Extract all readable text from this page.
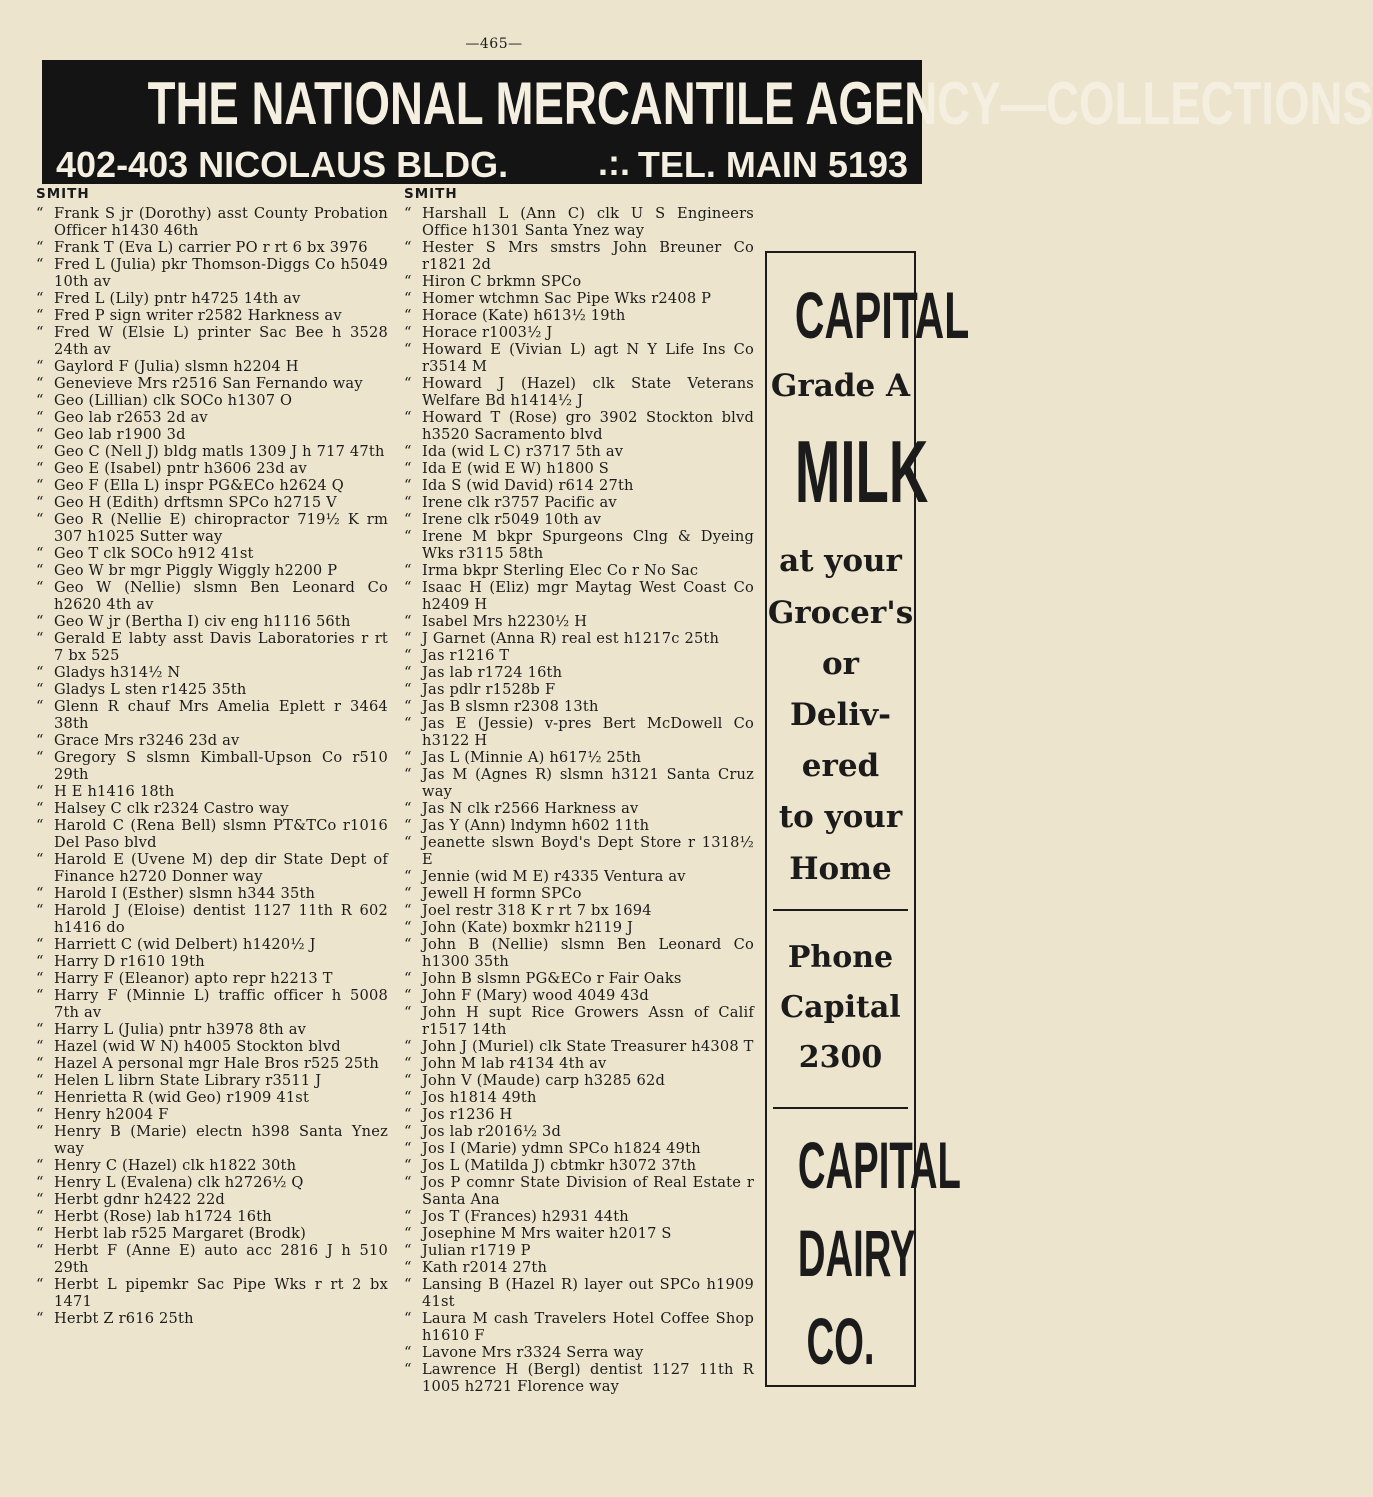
—465—
THE NATIONAL MERCANTILE AGENCY—COLLECTIONS
402-403 NICOLAUS BLDG. .:. TEL. MAIN 5193
SMITH
“ Frank S jr (Dorothy) asst County Probation Officer h1430 46th
“ Frank T (Eva L) carrier PO r rt 6 bx 3976
“ Fred L (Julia) pkr Thomson-Diggs Co h5049 10th av
“ Fred L (Lily) pntr h4725 14th av
“ Fred P sign writer r2582 Harkness av
“ Fred W (Elsie L) printer Sac Bee h 3528 24th av
“ Gaylord F (Julia) slsmn h2204 H
“ Genevieve Mrs r2516 San Fernando way
“ Geo (Lillian) clk SOCo h1307 O
“ Geo lab r2653 2d av
“ Geo lab r1900 3d
“ Geo C (Nell J) bldg matls 1309 J h 717 47th
“ Geo E (Isabel) pntr h3606 23d av
“ Geo F (Ella L) inspr PG&ECo h2624 Q
“ Geo H (Edith) drftsmn SPCo h2715 V
“ Geo R (Nellie E) chiropractor 719½ K rm 307 h1025 Sutter way
“ Geo T clk SOCo h912 41st
“ Geo W br mgr Piggly Wiggly h2200 P
“ Geo W (Nellie) slsmn Ben Leonard Co h2620 4th av
“ Geo W jr (Bertha I) civ eng h1116 56th
“ Gerald E labty asst Davis Laboratories r rt 7 bx 525
“ Gladys h314½ N
“ Gladys L sten r1425 35th
“ Glenn R chauf Mrs Amelia Eplett r 3464 38th
“ Grace Mrs r3246 23d av
“ Gregory S slsmn Kimball-Upson Co r510 29th
“ H E h1416 18th
“ Halsey C clk r2324 Castro way
“ Harold C (Rena Bell) slsmn PT&TCo r1016 Del Paso blvd
“ Harold E (Uvene M) dep dir State Dept of Finance h2720 Donner way
“ Harold I (Esther) slsmn h344 35th
“ Harold J (Eloise) dentist 1127 11th R 602 h1416 do
“ Harriett C (wid Delbert) h1420½ J
“ Harry D r1610 19th
“ Harry F (Eleanor) apto repr h2213 T
“ Harry F (Minnie L) traffic officer h 5008 7th av
“ Harry L (Julia) pntr h3978 8th av
“ Hazel (wid W N) h4005 Stockton blvd
“ Hazel A personal mgr Hale Bros r525 25th
“ Helen L librn State Library r3511 J
“ Henrietta R (wid Geo) r1909 41st
“ Henry h2004 F
“ Henry B (Marie) electn h398 Santa Ynez way
“ Henry C (Hazel) clk h1822 30th
“ Henry L (Evalena) clk h2726½ Q
“ Herbt gdnr h2422 22d
“ Herbt (Rose) lab h1724 16th
“ Herbt lab r525 Margaret (Brodk)
“ Herbt F (Anne E) auto acc 2816 J h 510 29th
“ Herbt L pipemkr Sac Pipe Wks r rt 2 bx 1471
“ Herbt Z r616 25th
SMITH
“ Harshall L (Ann C) clk U S Engineers Office h1301 Santa Ynez way
“ Hester S Mrs smstrs John Breuner Co r1821 2d
“ Hiron C brkmn SPCo
“ Homer wtchmn Sac Pipe Wks r2408 P
“ Horace (Kate) h613½ 19th
“ Horace r1003½ J
“ Howard E (Vivian L) agt N Y Life Ins Co r3514 M
“ Howard J (Hazel) clk State Veterans Welfare Bd h1414½ J
“ Howard T (Rose) gro 3902 Stockton blvd h3520 Sacramento blvd
“ Ida (wid L C) r3717 5th av
“ Ida E (wid E W) h1800 S
“ Ida S (wid David) r614 27th
“ Irene clk r3757 Pacific av
“ Irene clk r5049 10th av
“ Irene M bkpr Spurgeons Clng & Dyeing Wks r3115 58th
“ Irma bkpr Sterling Elec Co r No Sac
“ Isaac H (Eliz) mgr Maytag West Coast Co h2409 H
“ Isabel Mrs h2230½ H
“ J Garnet (Anna R) real est h1217c 25th
“ Jas r1216 T
“ Jas lab r1724 16th
“ Jas pdlr r1528b F
“ Jas B slsmn r2308 13th
“ Jas E (Jessie) v-pres Bert McDowell Co h3122 H
“ Jas L (Minnie A) h617½ 25th
“ Jas M (Agnes R) slsmn h3121 Santa Cruz way
“ Jas N clk r2566 Harkness av
“ Jas Y (Ann) lndymn h602 11th
“ Jeanette slswn Boyd's Dept Store r 1318½ E
“ Jennie (wid M E) r4335 Ventura av
“ Jewell H formn SPCo
“ Joel restr 318 K r rt 7 bx 1694
“ John (Kate) boxmkr h2119 J
“ John B (Nellie) slsmn Ben Leonard Co h1300 35th
“ John B slsmn PG&ECo r Fair Oaks
“ John F (Mary) wood 4049 43d
“ John H supt Rice Growers Assn of Calif r1517 14th
“ John J (Muriel) clk State Treasurer h4308 T
“ John M lab r4134 4th av
“ John V (Maude) carp h3285 62d
“ Jos h1814 49th
“ Jos r1236 H
“ Jos lab r2016½ 3d
“ Jos I (Marie) ydmn SPCo h1824 49th
“ Jos L (Matilda J) cbtmkr h3072 37th
“ Jos P comnr State Division of Real Estate r Santa Ana
“ Jos T (Frances) h2931 44th
“ Josephine M Mrs waiter h2017 S
“ Julian r1719 P
“ Kath r2014 27th
“ Lansing B (Hazel R) layer out SPCo h1909 41st
“ Laura M cash Travelers Hotel Coffee Shop h1610 F
“ Lavone Mrs r3324 Serra way
“ Lawrence H (Bergl) dentist 1127 11th R 1005 h2721 Florence way
CAPITAL
Grade A
MILK
at your
Grocer's
or
Deliv-
ered
to your
Home
Phone
Capital
2300
CAPITAL
DAIRY
CO.
